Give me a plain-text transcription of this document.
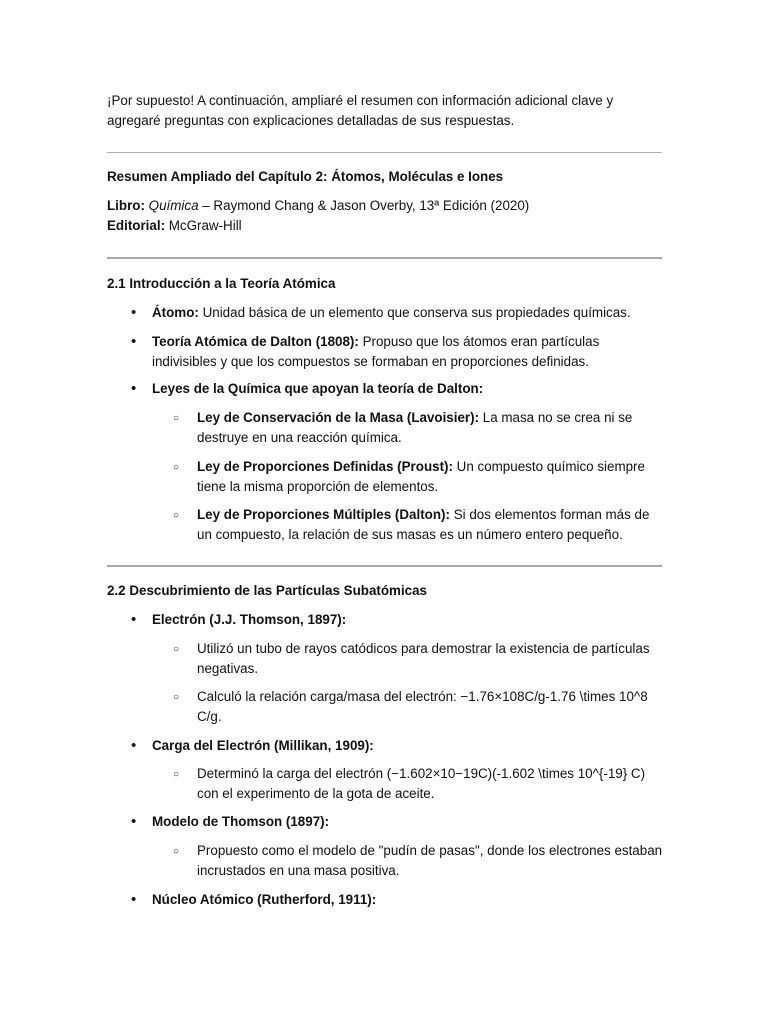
¡Por supuesto! A continuación, ampliaré el resumen con información adicional clave y agregaré preguntas con explicaciones detalladas de sus respuestas.

Resumen Ampliado del Capítulo 2: Átomos, Moléculas e Iones

Libro: Química – Raymond Chang & Jason Overby, 13ª Edición (2020)
Editorial: McGraw-Hill

2.1 Introducción a la Teoría Atómica

•	Átomo: Unidad básica de un elemento que conserva sus propiedades químicas.

•	Teoría Atómica de Dalton (1808): Propuso que los átomos eran partículas indivisibles y que los compuestos se formaban en proporciones definidas.

•	Leyes de la Química que apoyan la teoría de Dalton:

○	Ley de Conservación de la Masa (Lavoisier): La masa no se crea ni se destruye en una reacción química.

○	Ley de Proporciones Definidas (Proust): Un compuesto químico siempre tiene la misma proporción de elementos.

○	Ley de Proporciones Múltiples (Dalton): Si dos elementos forman más de un compuesto, la relación de sus masas es un número entero pequeño.

2.2 Descubrimiento de las Partículas Subatómicas

•	Electrón (J.J. Thomson, 1897):

○	Utilizó un tubo de rayos catódicos para demostrar la existencia de partículas negativas.

○	Calculó la relación carga/masa del electrón: −1.76×108C/g-1.76 \times 10^8 C/g.

•	Carga del Electrón (Millikan, 1909):

○	Determinó la carga del electrón (−1.602×10−19C)(-1.602 \times 10^{-19} C) con el experimento de la gota de aceite.

•	Modelo de Thomson (1897):

○	Propuesto como el modelo de "pudín de pasas", donde los electrones estaban incrustados en una masa positiva.

•	Núcleo Atómico (Rutherford, 1911):
